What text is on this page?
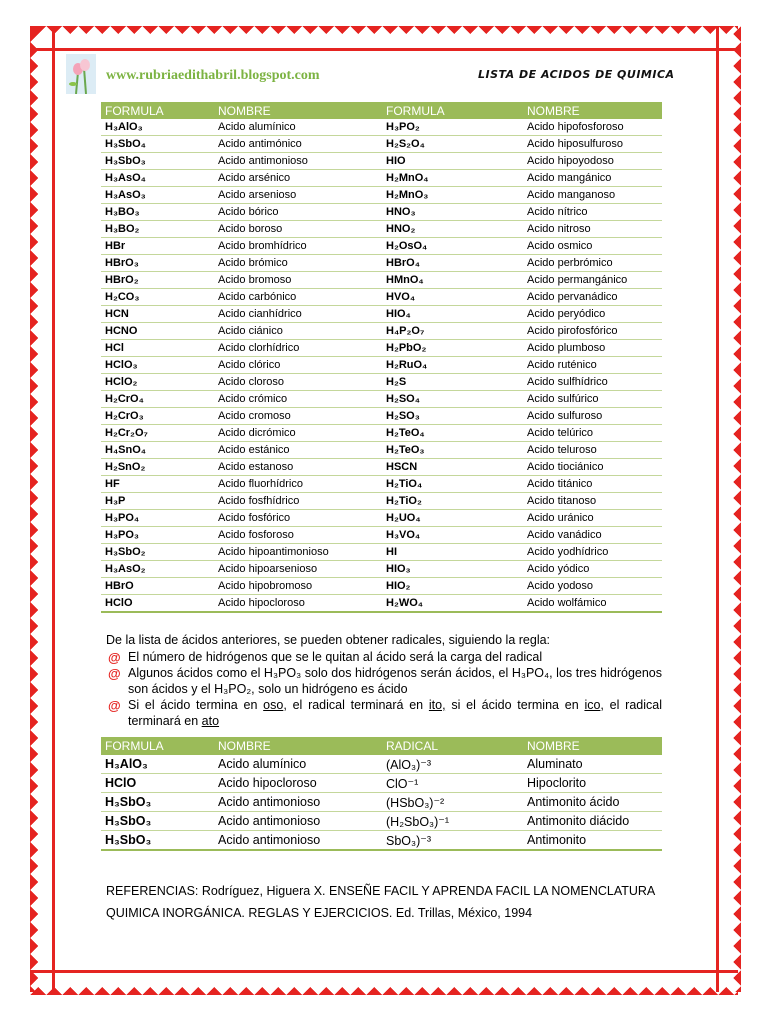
www.rubriaedithabril.blogspot.com	LISTA DE ACIDOS DE QUIMICA
FORMULA	NOMBRE	FORMULA	NOMBRE
H₃AlO₃	Acido alumínico	H₃PO₂	Acido hipofosforoso
H₃SbO₄	Acido antimónico	H₂S₂O₄	Acido hiposulfuroso
H₃SbO₃	Acido antimonioso	HIO	Acido hipoyodoso
H₃AsO₄	Acido arsénico	H₂MnO₄	Acido mangánico
H₃AsO₃	Acido arsenioso	H₂MnO₃	Acido manganoso
H₃BO₃	Acido bórico	HNO₃	Acido nítrico
H₃BO₂	Acido boroso	HNO₂	Acido nitroso
HBr	Acido bromhídrico	H₂OsO₄	Acido osmico
HBrO₃	Acido brómico	HBrO₄	Acido perbrómico
HBrO₂	Acido bromoso	HMnO₄	Acido permangánico
H₂CO₃	Acido carbónico	HVO₄	Acido pervanádico
HCN	Acido cianhídrico	HIO₄	Acido peryódico
HCNO	Acido ciánico	H₄P₂O₇	Acido pirofosfórico
HCl	Acido clorhídrico	H₂PbO₂	Acido plumboso
HClO₃	Acido clórico	H₂RuO₄	Acido ruténico
HClO₂	Acido cloroso	H₂S	Acido sulfhídrico
H₂CrO₄	Acido crómico	H₂SO₄	Acido sulfúrico
H₂CrO₃	Acido cromoso	H₂SO₃	Acido sulfuroso
H₂Cr₂O₇	Acido dicrómico	H₂TeO₄	Acido telúrico
H₄SnO₄	Acido estánico	H₂TeO₃	Acido teluroso
H₂SnO₂	Acido estanoso	HSCN	Acido tiociánico
HF	Acido fluorhídrico	H₂TiO₄	Acido titánico
H₃P	Acido fosfhídrico	H₂TiO₂	Acido titanoso
H₃PO₄	Acido fosfórico	H₂UO₄	Acido uránico
H₃PO₃	Acido fosforoso	H₃VO₄	Acido vanádico
H₃SbO₂	Acido hipoantimonioso	HI	Acido yodhídrico
H₃AsO₂	Acido hipoarsenioso	HIO₃	Acido yódico
HBrO	Acido hipobromoso	HIO₂	Acido yodoso
HClO	Acido hipocloroso	H₂WO₄	Acido wolfámico
De la lista de ácidos anteriores, se pueden obtener radicales, siguiendo la regla:
@ El número de hidrógenos que se le quitan al ácido será la carga del radical
@ Algunos ácidos como el H₃PO₃ solo dos hidrógenos serán ácidos, el H₃PO₄, los tres hidrógenos son ácidos y el H₃PO₂, solo un hidrógeno es ácido
@ Si el ácido termina en oso, el radical terminará en ito, si el ácido termina en ico, el radical terminará en ato
FORMULA	NOMBRE	RADICAL	NOMBRE
H₃AlO₃	Acido alumínico	(AlO₃)⁻³	Aluminato
HClO	Acido hipocloroso	ClO⁻¹	Hipoclorito
H₃SbO₃	Acido antimonioso	(HSbO₃)⁻²	Antimonito ácido
H₃SbO₃	Acido antimonioso	(H₂SbO₃)⁻¹	Antimonito diácido
H₃SbO₃	Acido antimonioso	SbO₃)⁻³	Antimonito
REFERENCIAS: Rodríguez, Higuera X. ENSEÑE FACIL Y APRENDA FACIL LA NOMENCLATURA QUIMICA INORGÁNICA. REGLAS Y EJERCICIOS. Ed. Trillas, México, 1994
